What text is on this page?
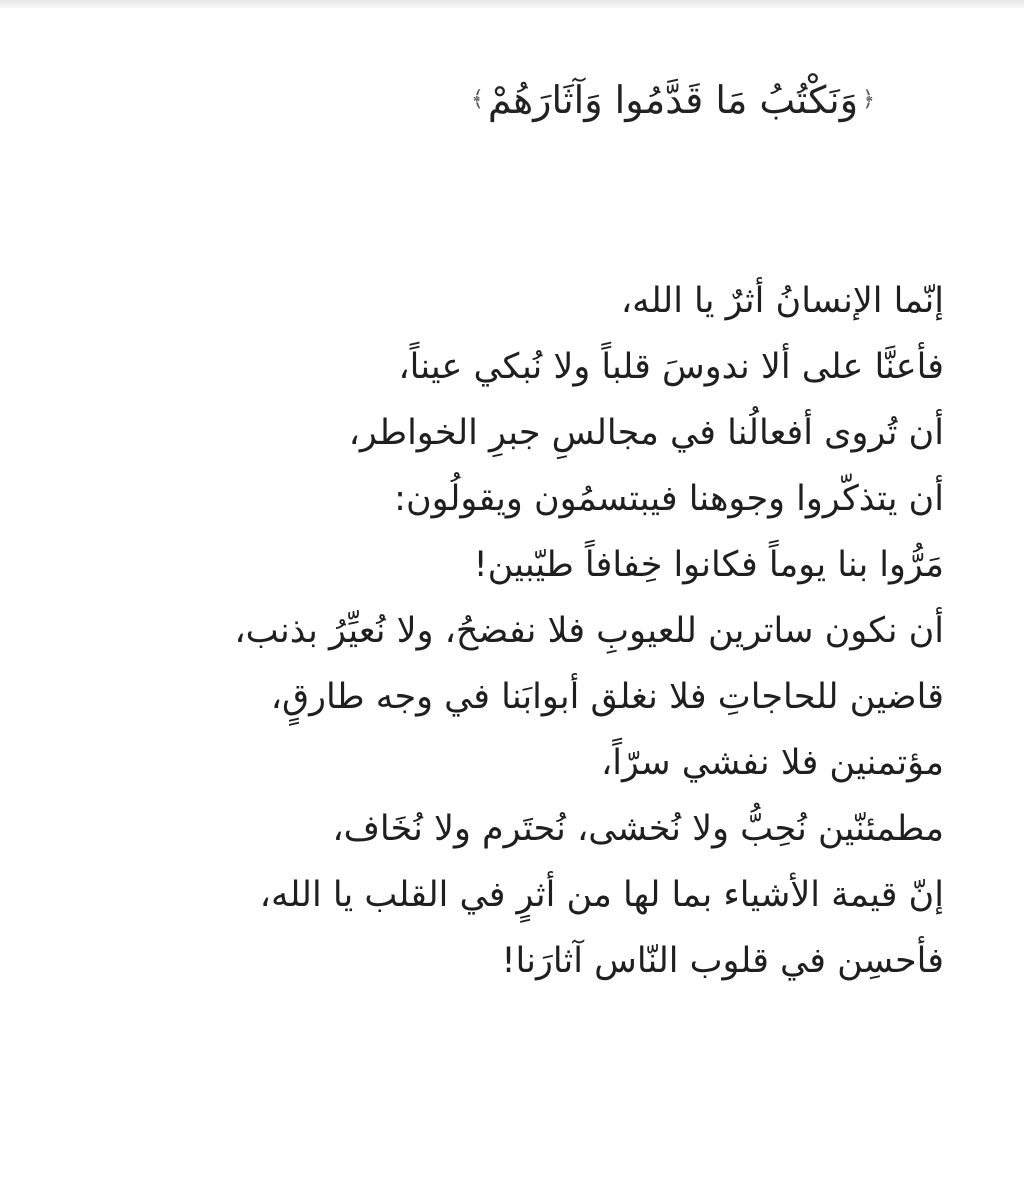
﴿
وَنَكْتُبُ مَا قَدَّمُوا وَآثَارَهُمْ
﴾
إنّما الإنسانُ أثرٌ يا الله،
فأعنَّا على ألا ندوسَ قلباً ولا نُبكي عيناً،
أن تُروى أفعالُنا في مجالسِ جبرِ الخواطر،
أن يتذكّروا وجوهنا فيبتسمُون ويقولُون:
مَرُّوا بنا يوماً فكانوا خِفافاً طيّبين!
أن نكون ساترين للعيوبِ فلا نفضحُ، ولا نُعيِّرُ بذنب،
قاضين للحاجاتِ فلا نغلق أبوابَنا في وجه طارقٍ،
مؤتمنين فلا نفشي سرّاً،
مطمئنّين نُحِبُّ ولا نُخشى، نُحتَرم ولا نُخَاف،
إنّ قيمة الأشياء بما لها من أثرٍ في القلب يا الله،
فأحسِن في قلوب النّاس آثارَنا!
